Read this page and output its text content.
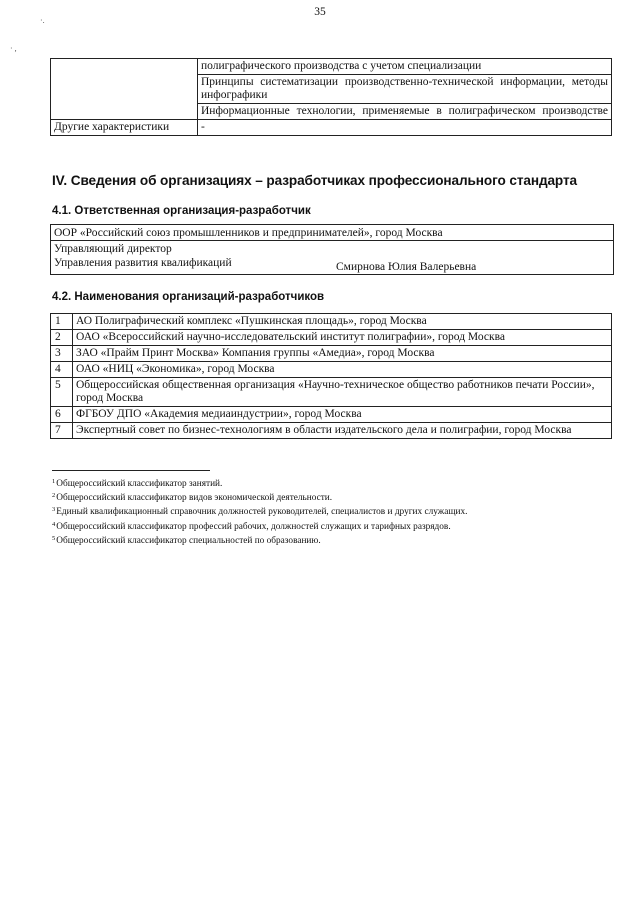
·.
· ,
35
	полиграфического производства с учетом специализации
	Принципы систематизации производственно-технической информации, методы инфографики
	Информационные технологии, применяемые в полиграфическом производстве
Другие характеристики	-
IV. Сведения об организациях – разработчиках профессионального стандарта
4.1. Ответственная организация-разработчик
ООР «Российский союз промышленников и предпринимателей», город Москва
Управляющий директор
Управления развития квалификаций	Смирнова Юлия Валерьевна
4.2. Наименования организаций-разработчиков
1	АО Полиграфический комплекс «Пушкинская площадь», город Москва
2	ОАО «Всероссийский научно-исследовательский институт полиграфии», город Москва
3	ЗАО «Прайм Принт Москва» Компания группы «Амедиа», город Москва
4	ОАО «НИЦ «Экономика», город Москва
5	Общероссийская общественная организация «Научно-техническое общество работников печати России», город Москва
6	ФГБОУ ДПО «Академия медиаиндустрии», город Москва
7	Экспертный совет по бизнес-технологиям в области издательского дела и полиграфии, город Москва
$^1$Общероссийский классификатор занятий.
$^2$Общероссийский классификатор видов экономической деятельности.
$^3$Единый квалификационный справочник должностей руководителей, специалистов и других служащих.
$^4$Общероссийский классификатор профессий рабочих, должностей служащих и тарифных разрядов.
$^5$Общероссийский классификатор специальностей по образованию.
